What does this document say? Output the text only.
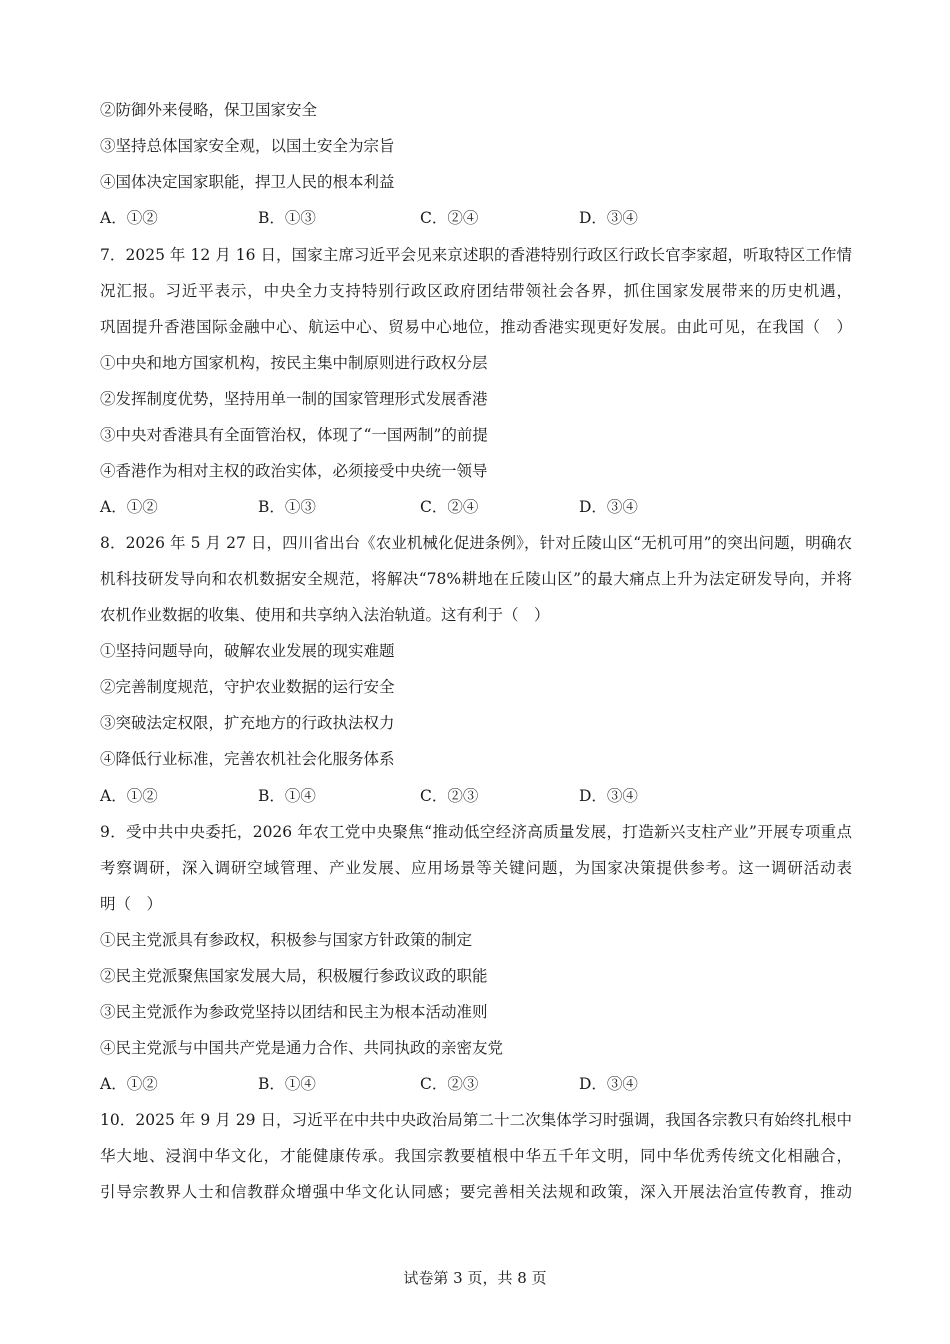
②防御外来侵略，保卫国家安全
③坚持总体国家安全观，以国土安全为宗旨
④国体决定国家职能，捍卫人民的根本利益
A．①②	B．①③	C．②④	D．③④
7．2025 年 12 月 16 日，国家主席习近平会见来京述职的香港特别行政区行政长官李家超，听取特区工作情
况汇报。习近平表示，中央全力支持特别行政区政府团结带领社会各界，抓住国家发展带来的历史机遇，
巩固提升香港国际金融中心、航运中心、贸易中心地位，推动香港实现更好发展。由此可见，在我国（　）
①中央和地方国家机构，按民主集中制原则进行政权分层
②发挥制度优势，坚持用单一制的国家管理形式发展香港
③中央对香港具有全面管治权，体现了“一国两制”的前提
④香港作为相对主权的政治实体，必须接受中央统一领导
A．①②	B．①③	C．②④	D．③④
8．2026 年 5 月 27 日，四川省出台《农业机械化促进条例》，针对丘陵山区“无机可用”的突出问题，明确农
机科技研发导向和农机数据安全规范，将解决“78%耕地在丘陵山区”的最大痛点上升为法定研发导向，并将
农机作业数据的收集、使用和共享纳入法治轨道。这有利于（　）
①坚持问题导向，破解农业发展的现实难题
②完善制度规范，守护农业数据的运行安全
③突破法定权限，扩充地方的行政执法权力
④降低行业标准，完善农机社会化服务体系
A．①②	B．①④	C．②③	D．③④
9．受中共中央委托，2026 年农工党中央聚焦“推动低空经济高质量发展，打造新兴支柱产业”开展专项重点
考察调研，深入调研空域管理、产业发展、应用场景等关键问题，为国家决策提供参考。这一调研活动表
明（　）
①民主党派具有参政权，积极参与国家方针政策的制定
②民主党派聚焦国家发展大局，积极履行参政议政的职能
③民主党派作为参政党坚持以团结和民主为根本活动准则
④民主党派与中国共产党是通力合作、共同执政的亲密友党
A．①②	B．①④	C．②③	D．③④
10．2025 年 9 月 29 日，习近平在中共中央政治局第二十二次集体学习时强调，我国各宗教只有始终扎根中
华大地、浸润中华文化，才能健康传承。我国宗教要植根中华五千年文明，同中华优秀传统文化相融合，
引导宗教界人士和信教群众增强中华文化认同感；要完善相关法规和政策，深入开展法治宣传教育，推动
试卷第 3 页，共 8 页
